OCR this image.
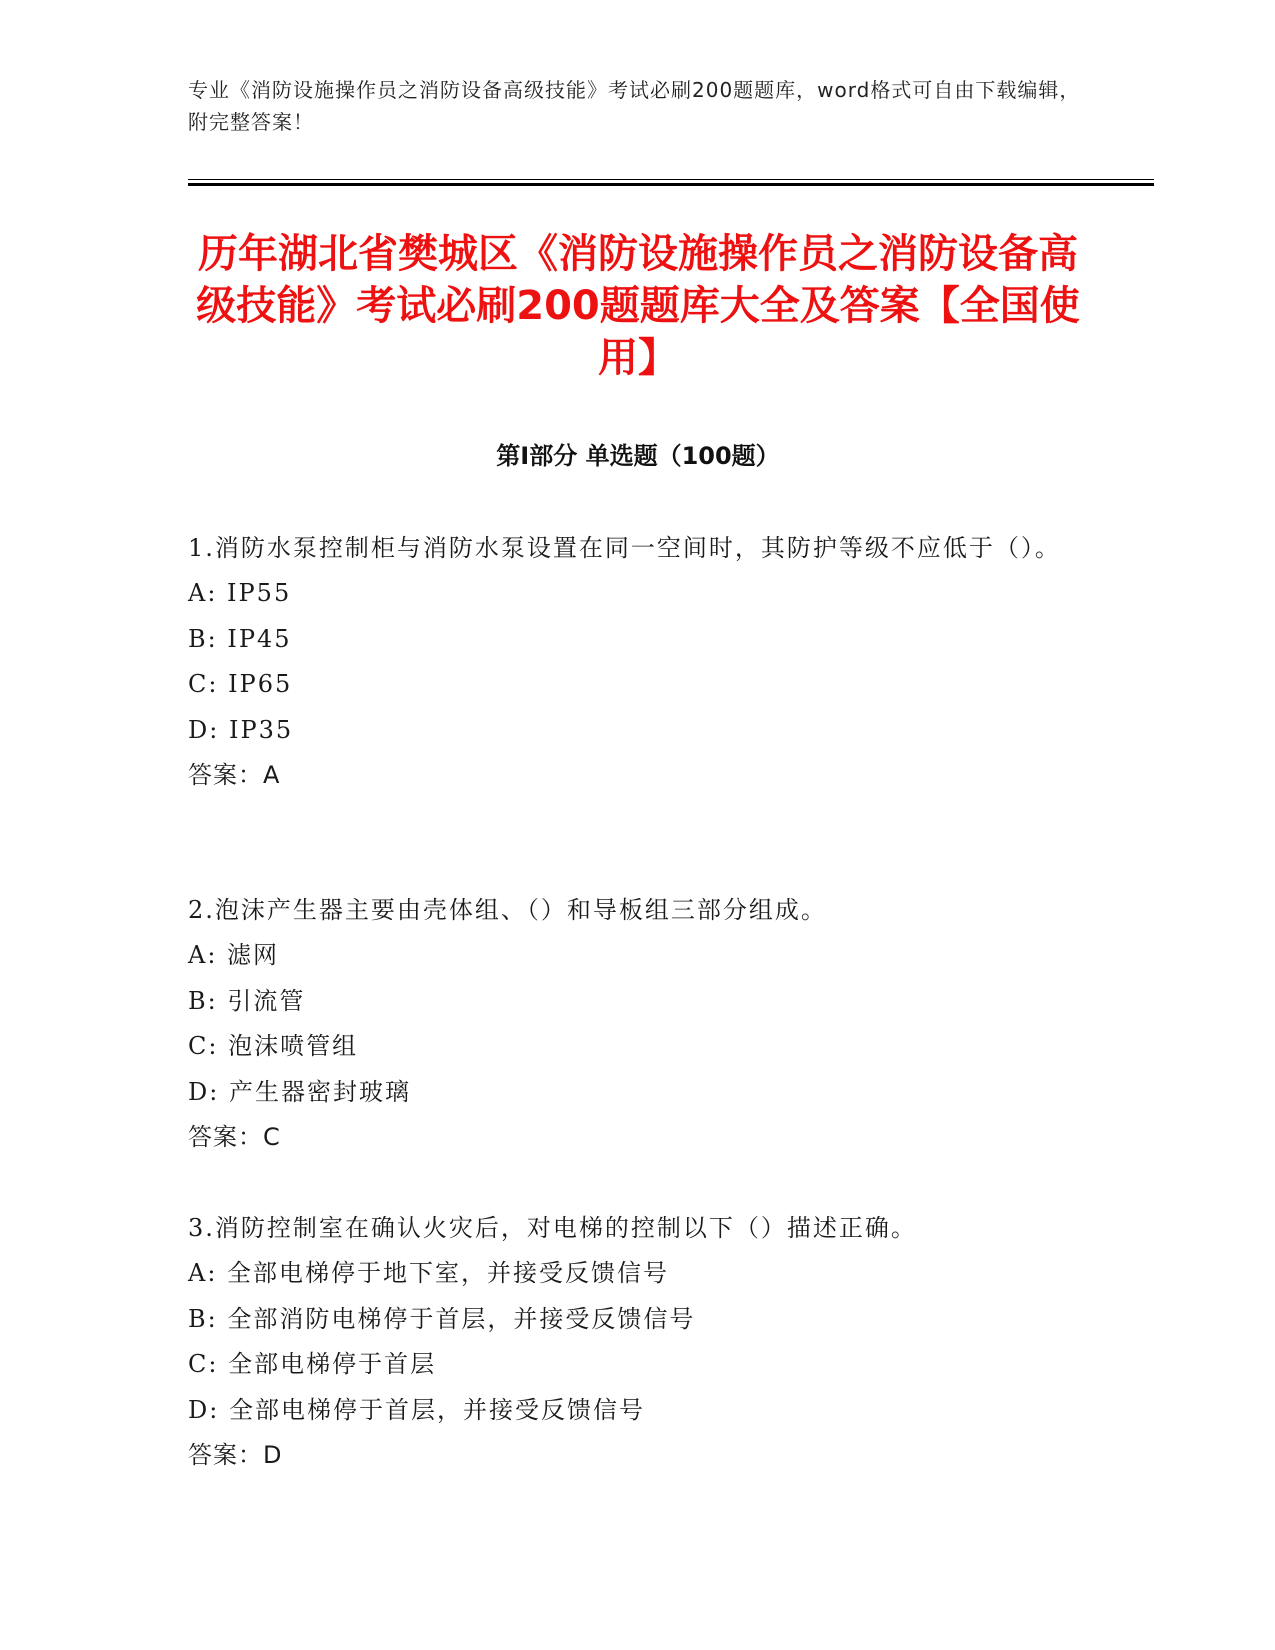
专业《消防设施操作员之消防设备高级技能》考试必刷200题题库，word格式可自由下载编辑，附完整答案！
历年湖北省樊城区《消防设施操作员之消防设备高级技能》考试必刷200题题库大全及答案【全国使用】
第Ⅰ部分 单选题（100题）
1.消防水泵控制柜与消防水泵设置在同一空间时，其防护等级不应低于（）。
A: IP55
B: IP45
C: IP65
D: IP35
答案：A
2.泡沫产生器主要由壳体组、（）和导板组三部分组成。
A: 滤网
B: 引流管
C: 泡沫喷管组
D: 产生器密封玻璃
答案：C
3.消防控制室在确认火灾后，对电梯的控制以下（）描述正确。
A: 全部电梯停于地下室，并接受反馈信号
B: 全部消防电梯停于首层，并接受反馈信号
C: 全部电梯停于首层
D: 全部电梯停于首层，并接受反馈信号
答案：D
